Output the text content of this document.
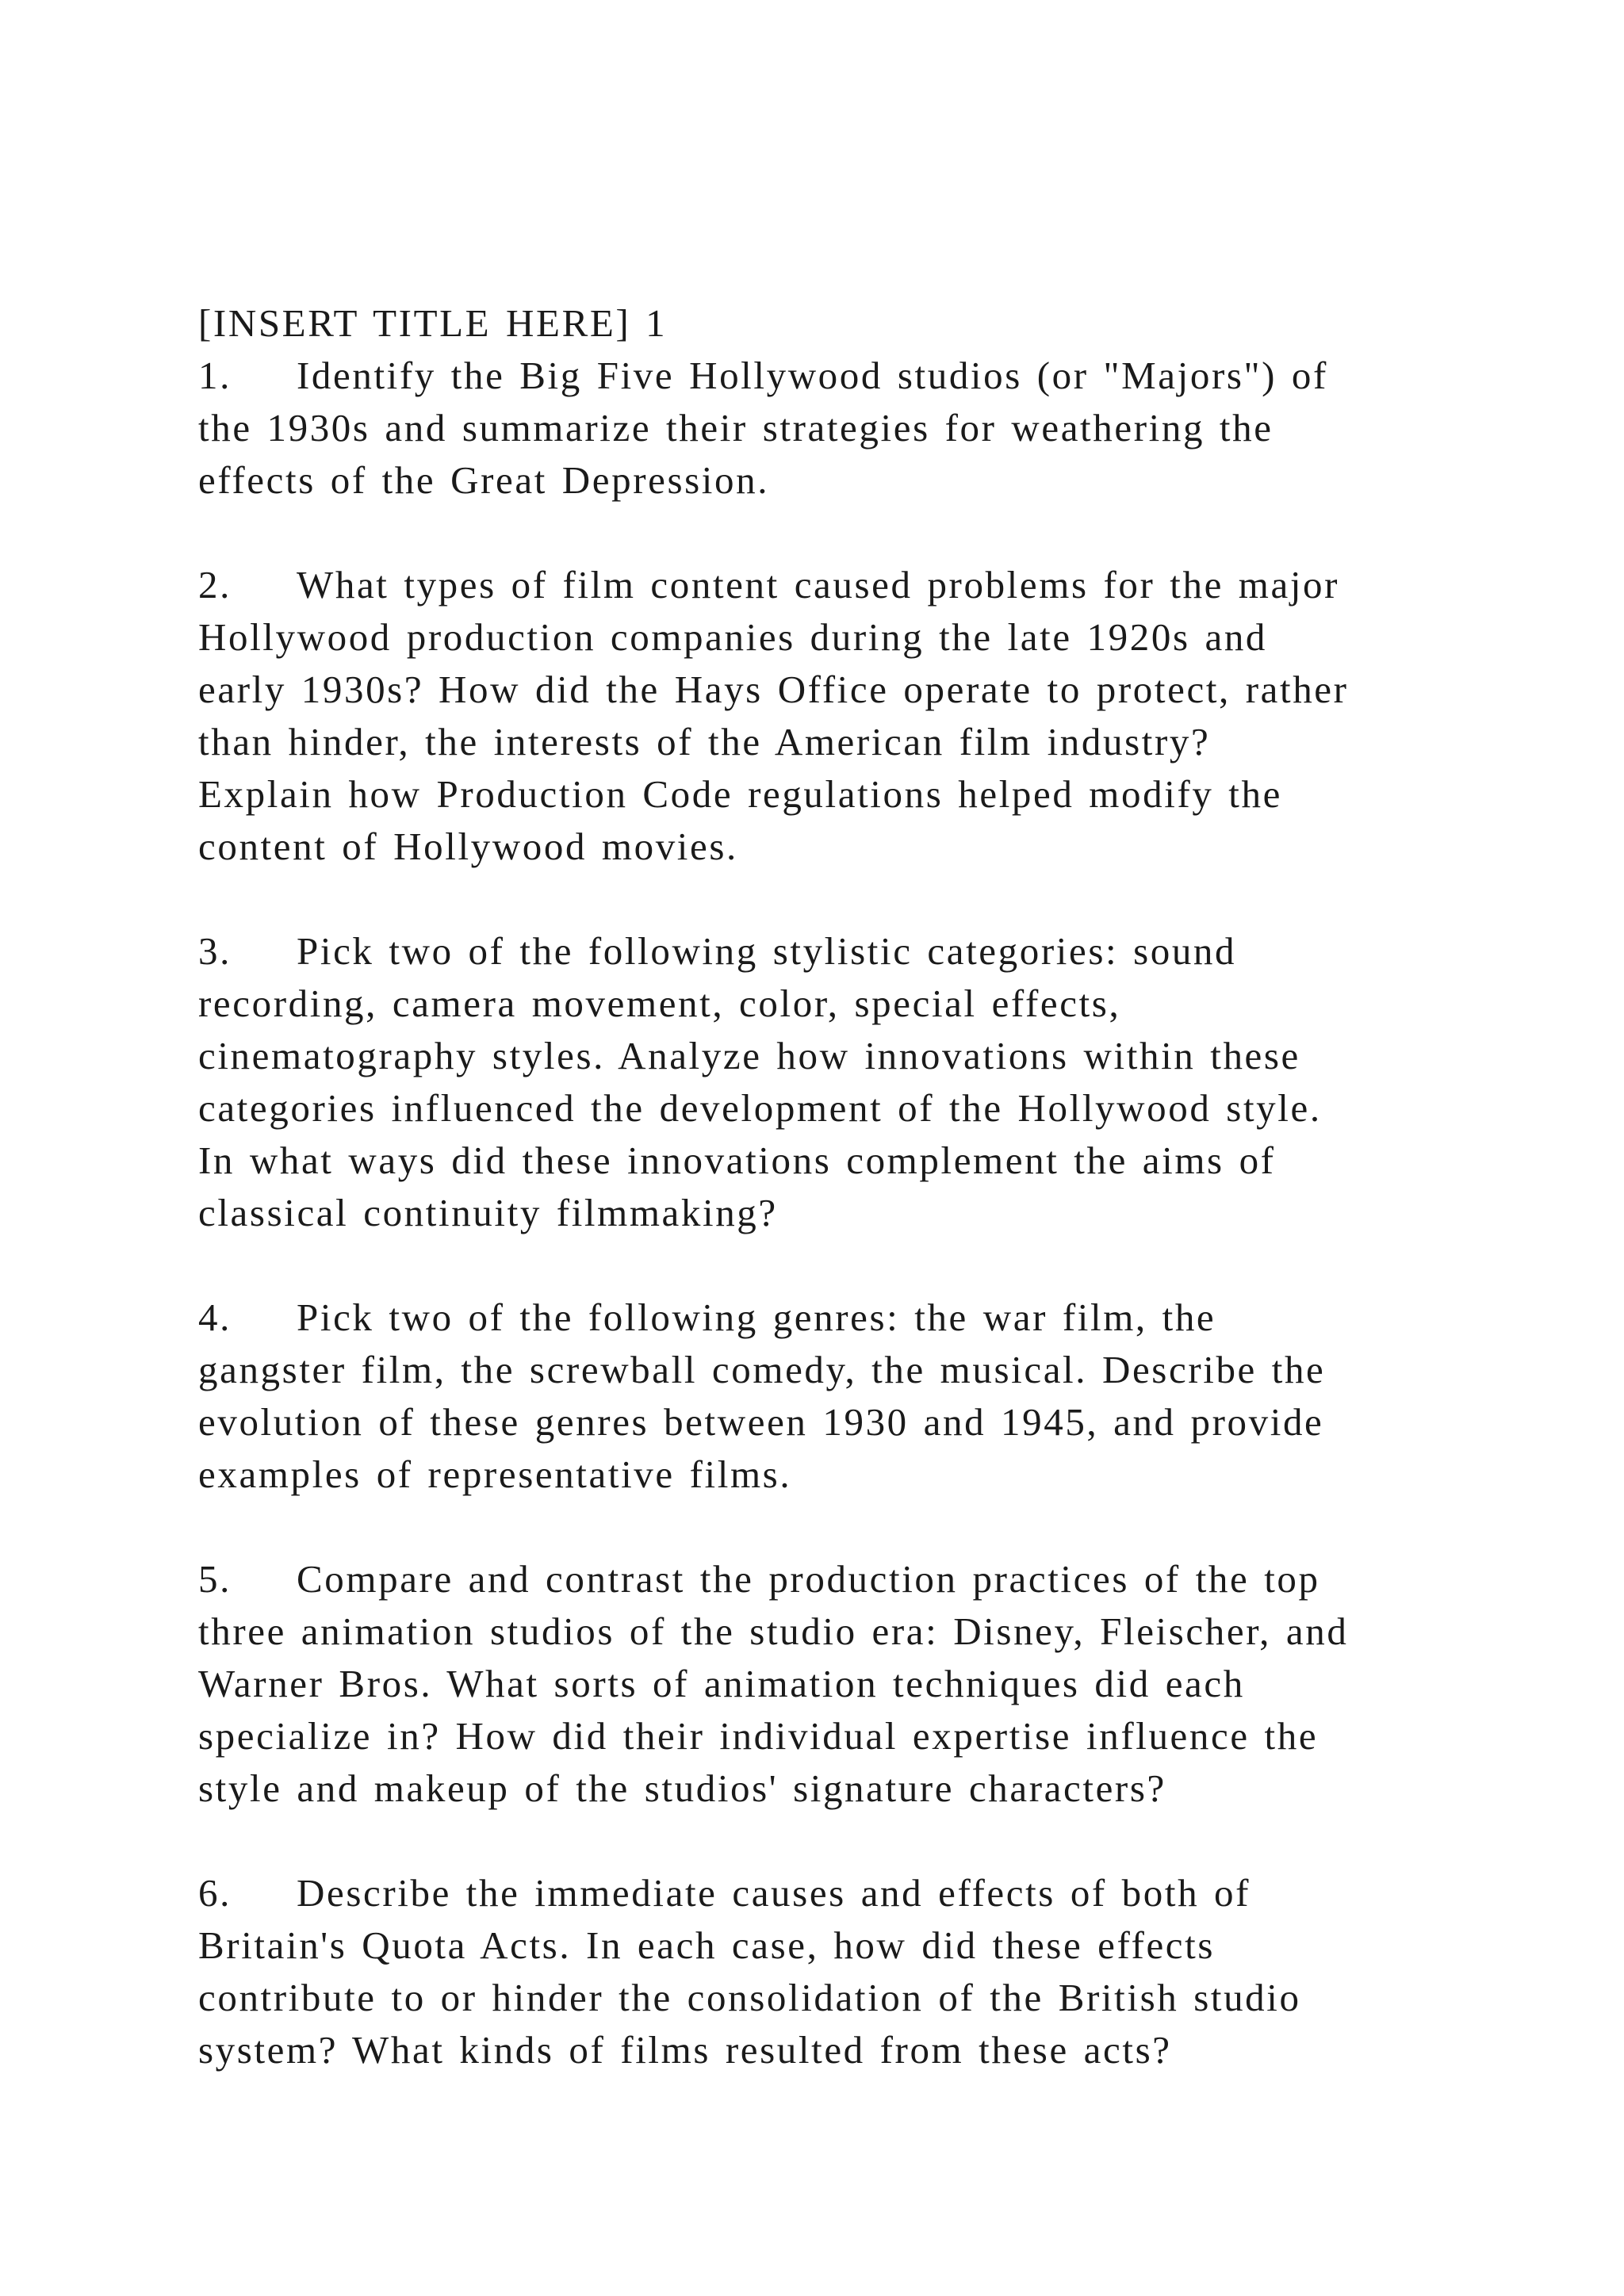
[INSERT TITLE HERE] 1
1. Identify the Big Five Hollywood studios (or "Majors") of
the 1930s and summarize their strategies for weathering the
effects of the Great Depression.
2. What types of film content caused problems for the major
Hollywood production companies during the late 1920s and
early 1930s? How did the Hays Office operate to protect, rather
than hinder, the interests of the American film industry?
Explain how Production Code regulations helped modify the
content of Hollywood movies.
3. Pick two of the following stylistic categories: sound
recording, camera movement, color, special effects,
cinematography styles. Analyze how innovations within these
categories influenced the development of the Hollywood style.
In what ways did these innovations complement the aims of
classical continuity filmmaking?
4. Pick two of the following genres: the war film, the
gangster film, the screwball comedy, the musical. Describe the
evolution of these genres between 1930 and 1945, and provide
examples of representative films.
5. Compare and contrast the production practices of the top
three animation studios of the studio era: Disney, Fleischer, and
Warner Bros. What sorts of animation techniques did each
specialize in? How did their individual expertise influence the
style and makeup of the studios' signature characters?
6. Describe the immediate causes and effects of both of
Britain's Quota Acts. In each case, how did these effects
contribute to or hinder the consolidation of the British studio
system? What kinds of films resulted from these acts?
